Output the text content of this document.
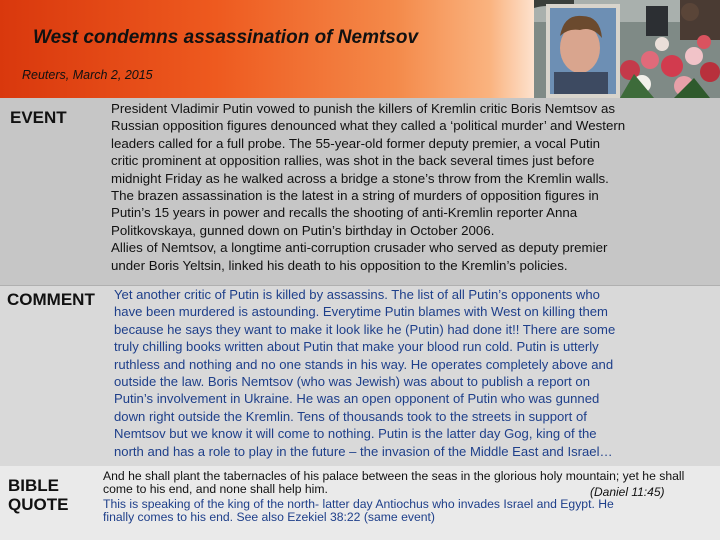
West condemns assassination of Nemtsov
Reuters, March 2, 2015
EVENT	President Vladimir Putin vowed to punish the killers of Kremlin critic Boris Nemtsov as
Russian opposition figures denounced what they called a ‘political murder’ and Western
leaders called for a full probe. The 55-year-old former deputy premier, a vocal Putin
critic prominent at opposition rallies, was shot in the back several times just before
midnight Friday as he walked across a bridge a stone’s throw from the Kremlin walls.
The brazen assassination is the latest in a string of murders of opposition figures in
Putin’s 15 years in power and recalls the shooting of anti-Kremlin reporter Anna
Politkovskaya, gunned down on Putin’s birthday in October 2006.
Allies of Nemtsov, a longtime anti-corruption crusader who served as deputy premier
under Boris Yeltsin, linked his death to his opposition to the Kremlin’s policies.
COMMENT Yet another critic of Putin is killed by assassins. The list of all Putin’s opponents who
have been murdered is astounding. Everytime Putin blames with West on killing them
because he says they want to make it look like he (Putin) had done it!! There are some
truly chilling books written about Putin that make your blood run cold. Putin is utterly
ruthless and nothing and no one stands in his way. He operates completely above and
outside the law. Boris Nemtsov (who was Jewish) was about to publish a report on
Putin’s involvement in Ukraine. He was an open opponent of Putin who was gunned
down right outside the Kremlin. Tens of thousands took to the streets in support of
Nemtsov but we know it will come to nothing. Putin is the latter day Gog, king of the
north and has a role to play in the future – the invasion of the Middle East and Israel…
BIBLE QUOTE
And he shall plant the tabernacles of his palace between the seas in the glorious holy mountain; yet he shall come to his end, and none shall help him.	(Daniel 11:45)
This is speaking of the king of the north- latter day Antiochus who invades Israel and Egypt. He
finally comes to his end. See also Ezekiel 38:22 (same event)
